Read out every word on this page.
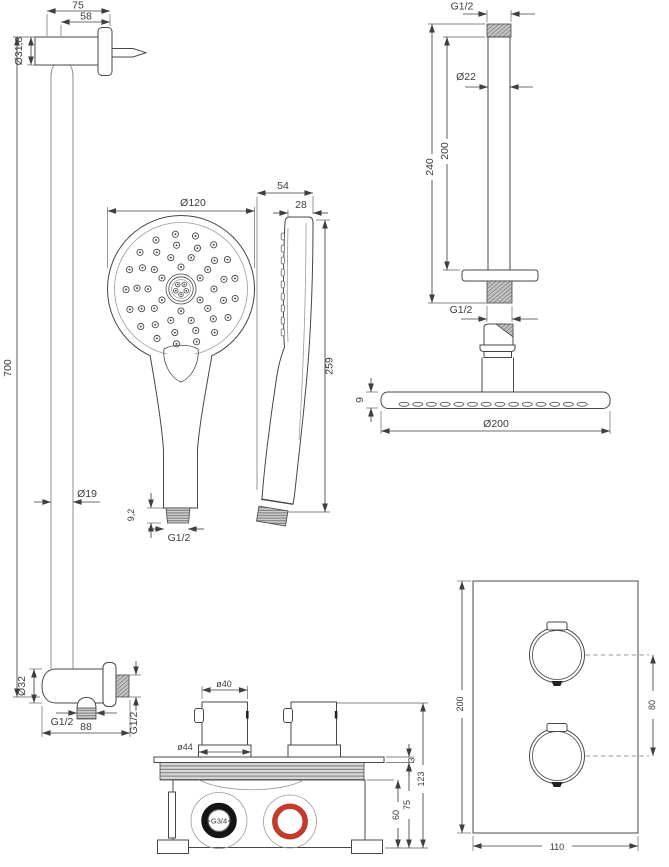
75
58
Ø31,8
700
Ø19
Ø32
G1/2 88	G1/2
Ø120
9,2
G1/2
54
28
259
G1/2
Ø22
200
240
G1/2
9
Ø200
G3/4
ø40
ø44
3
75
60
123
200	80
110
